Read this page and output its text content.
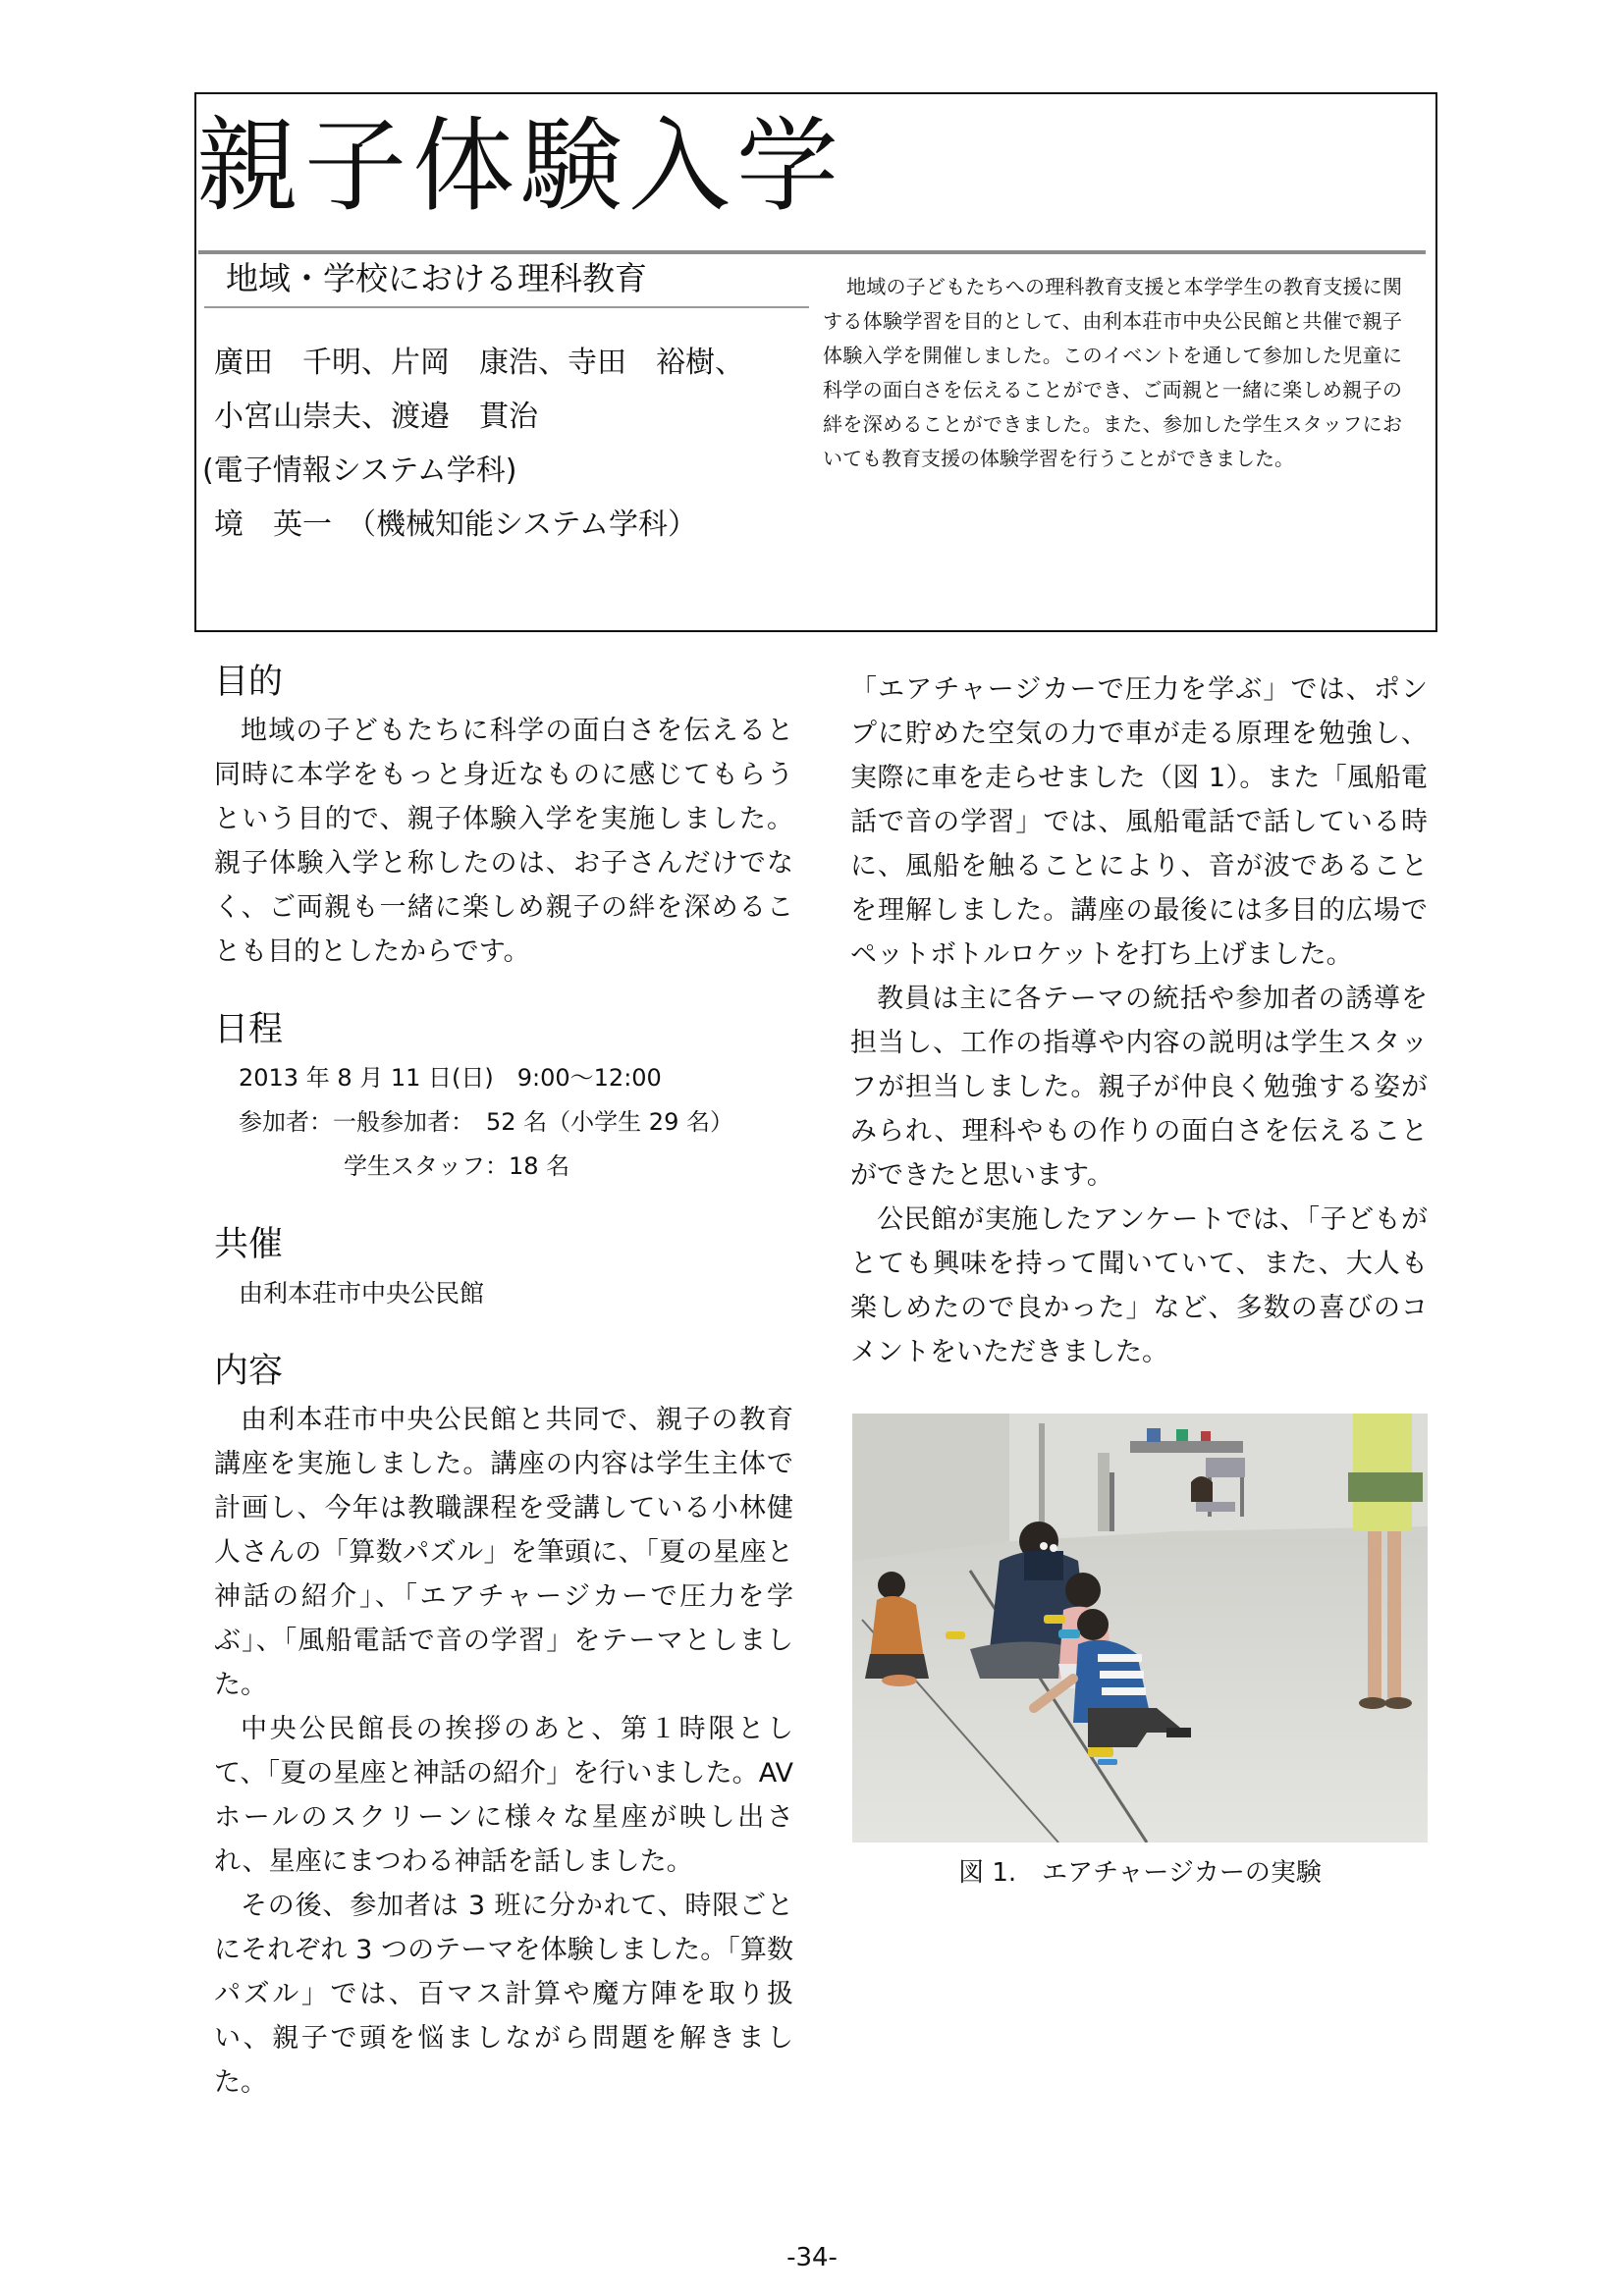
親子体験入学
地域・学校における理科教育
廣田　千明、片岡　康浩、寺田　裕樹、
小宮山崇夫、渡邉　貫治
(電子情報システム学科)
境　英一　（機械知能システム学科）
地域の子どもたちへの理科教育支援と本学学生の教育支援に関する体験学習を目的として、由利本荘市中央公民館と共催で親子体験入学を開催しました。このイベントを通して参加した児童に科学の面白さを伝えることができ、ご両親と一緒に楽しめ親子の絆を深めることができました。また、参加した学生スタッフにおいても教育支援の体験学習を行うことができました。
目的

地域の子どもたちに科学の面白さを伝えると同時に本学をもっと身近なものに感じてもらうという目的で、親子体験入学を実施しました。親子体験入学と称したのは、お子さんだけでなく、ご両親も一緒に楽しめ親子の絆を深めることも目的としたからです。

日程

2013 年 8 月 11 日(日)　9:00〜12:00

参加者：一般参加者：　52 名（小学生 29 名）

学生スタッフ：18 名

共催

由利本荘市中央公民館

内容

由利本荘市中央公民館と共同で、親子の教育講座を実施しました。講座の内容は学生主体で計画し、今年は教職課程を受講している小林健人さんの「算数パズル」を筆頭に、「夏の星座と神話の紹介」、「エアチャージカーで圧力を学ぶ」、「風船電話で音の学習」をテーマとしました。

中央公民館長の挨拶のあと、第１時限として、「夏の星座と神話の紹介」を行いました。AVホールのスクリーンに様々な星座が映し出され、星座にまつわる神話を話しました。

その後、参加者は 3 班に分かれて、時限ごとにそれぞれ 3 つのテーマを体験しました。「算数パズル」では、百マス計算や魔方陣を取り扱い、親子で頭を悩ましながら問題を解きました。

「エアチャージカーで圧力を学ぶ」では、ポンプに貯めた空気の力で車が走る原理を勉強し、実際に車を走らせました（図 1）。また「風船電話で音の学習」では、風船電話で話している時に、風船を触ることにより、音が波であることを理解しました。講座の最後には多目的広場でペットボトルロケットを打ち上げました。

教員は主に各テーマの統括や参加者の誘導を担当し、工作の指導や内容の説明は学生スタッフが担当しました。親子が仲良く勉強する姿がみられ、理科やもの作りの面白さを伝えることができたと思います。

公民館が実施したアンケートでは、「子どもがとても興味を持って聞いていて、また、大人も楽しめたので良かった」など、多数の喜びのコメントをいただきました。

図 1.　エアチャージカーの実験
-34-
